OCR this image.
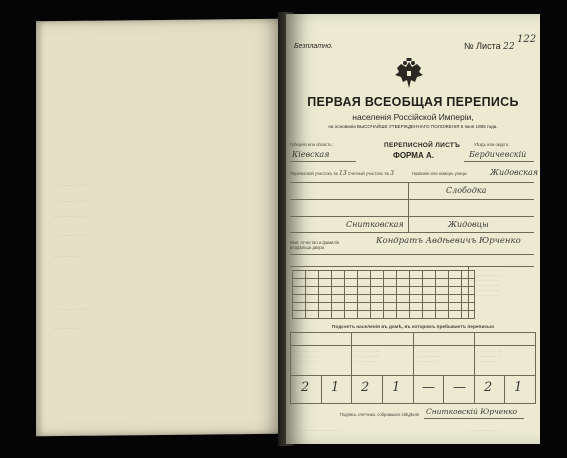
· · · · · · · · · · ·
· · · · · · · · · · ·
· · · · · · · · · ·
· · · · · · · · · · ·
· · · · · · · · ·
· · · · · · · · · · ·
· · · · · · · ·
Безплатно.	№ Листа 22
122
ПЕРВАЯ ВСЕОБЩАЯ ПЕРЕПИСЬ
населенія Россійской Имперіи,
на основаніи ВЫСОЧАЙШЕ УТВЕРЖДЕННАГО ПОЛОЖЕНІЯ 5 Іюня 1895 года.
Губернія или область:
Кіевская
ПЕРЕПИСНОЙ ЛИСТЪ
ФОРМА А.
Уѣздъ или округъ:
Бердичевскій
Переписной участокъ № 13 Счетный участокъ № 3	Названіе или номеръ улицы	Жидовская
Слободка
Снитковская	Жидовцы
Имя, отчество и фамилія владѣльца двора
Кондратъ Авдѣевичъ Юрченко

· · · · · · · · · · · ·
· · · · · · · · · · · ·
· · · · · · · · · · · ·
· · · · · · · · · · · ·
· · · · · · · · · · · ·
· · · · · · · · · · · ·
Подсчетъ населенія въ домѣ, въ которомъ пребываетъ переписью
· · · · · · · · · ·
· · · · · · · · · ·
· · · · · · · · ·
· · · · · · · · · ·
· · · · · · · · · ·
· · · · · · · · ·
· · · · · · · · · ·
· · · · · · · · · ·
· · · · · · · · ·
· · · · · · · · · ·
· · · · · · · · · ·
· · · · · · · · ·
2 1 2 1 — — 2 1
Подпись счетчика, собравшаго свѣдѣнія Снитковскій Юрченко
· · · · · · · · · · · · · · · · · ·	· · · · · · · · · · ·
